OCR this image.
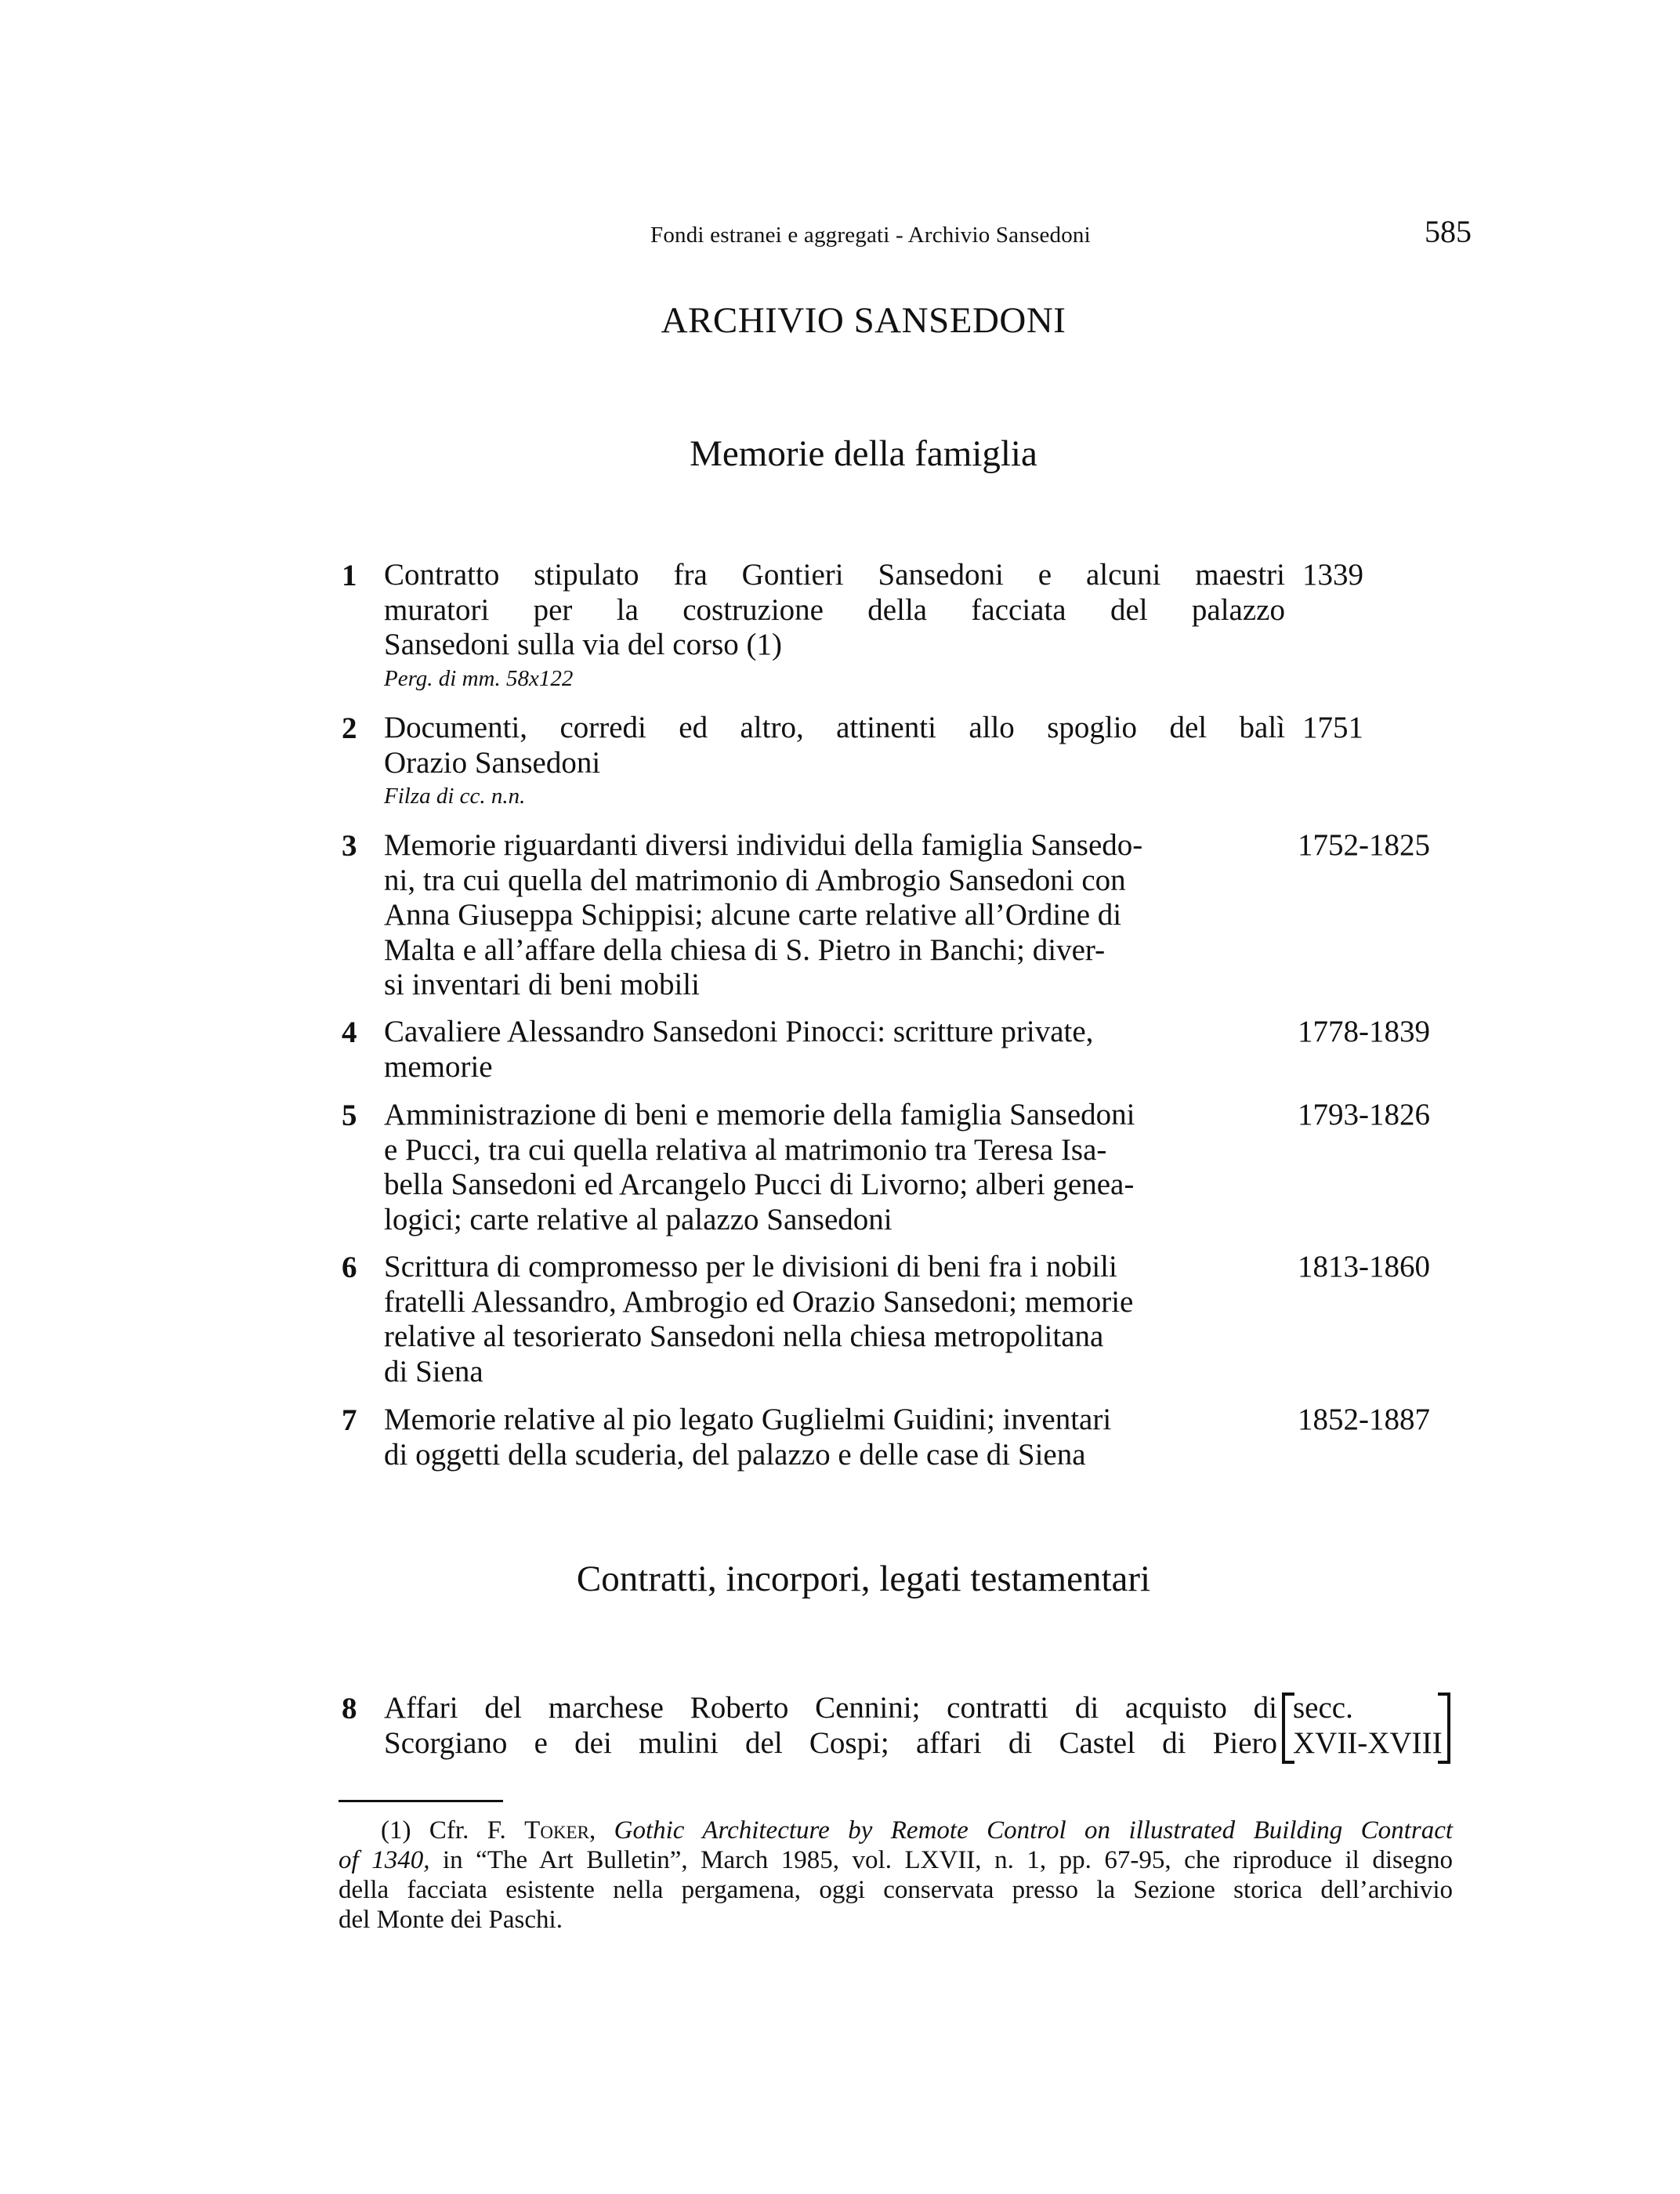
Fondi estranei e aggregati - Archivio Sansedoni	585
ARCHIVIO SANSEDONI
Memorie della famiglia
1 Contratto stipulato fra Gontieri Sansedoni e alcuni maestri
muratori per la costruzione della facciata del palazzo
Sansedoni sulla via del corso (1)
Perg. di mm. 58x122
1339
2 Documenti, corredi ed altro, attinenti allo spoglio del balì
Orazio Sansedoni
Filza di cc. n.n.
1751
3 Memorie riguardanti diversi individui della famiglia Sansedo-
ni, tra cui quella del matrimonio di Ambrogio Sansedoni con
Anna Giuseppa Schippisi; alcune carte relative all’Ordine di
Malta e all’affare della chiesa di S. Pietro in Banchi; diver-
si inventari di beni mobili
1752-1825
4 Cavaliere Alessandro Sansedoni Pinocci: scritture private,
memorie
1778-1839
5 Amministrazione di beni e memorie della famiglia Sansedoni
e Pucci, tra cui quella relativa al matrimonio tra Teresa Isa-
bella Sansedoni ed Arcangelo Pucci di Livorno; alberi genea-
logici; carte relative al palazzo Sansedoni
1793-1826
6 Scrittura di compromesso per le divisioni di beni fra i nobili
fratelli Alessandro, Ambrogio ed Orazio Sansedoni; memorie
relative al tesorierato Sansedoni nella chiesa metropolitana
di Siena
1813-1860
7 Memorie relative al pio legato Guglielmi Guidini; inventari
di oggetti della scuderia, del palazzo e delle case di Siena
1852-1887
Contratti, incorpori, legati testamentari
8 Affari del marchese Roberto Cennini; contratti di acquisto di
Scorgiano e dei mulini del Cospi; affari di Castel di Piero
secc.
XVII-XVIII
(1) Cfr. F. Toker, Gothic Architecture by Remote Control on illustrated Building Contract
of 1340, in “The Art Bulletin”, March 1985, vol. LXVII, n. 1, pp. 67-95, che riproduce il disegno
della facciata esistente nella pergamena, oggi conservata presso la Sezione storica dell’archivio
del Monte dei Paschi.
